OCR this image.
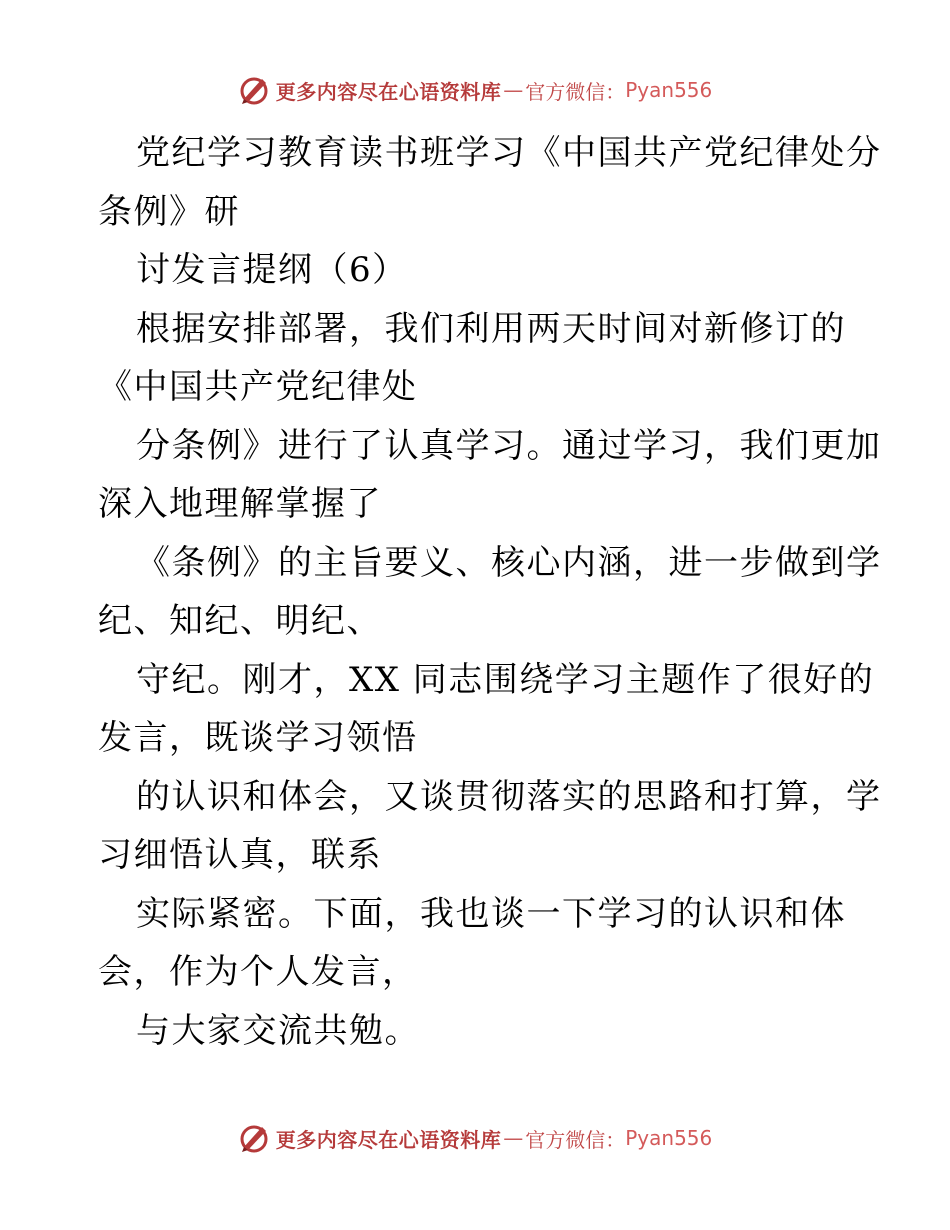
更多内容尽在心语资料库 — 官方微信： Pyan556
党纪学习教育读书班学习《中国共产党纪律处分
条例》研
讨发言提纲（6）
根据安排部署，我们利用两天时间对新修订的
《中国共产党纪律处
分条例》进行了认真学习。通过学习，我们更加
深入地理解掌握了
《条例》的主旨要义、核心内涵，进一步做到学
纪、知纪、明纪、
守纪。刚才，XX 同志围绕学习主题作了很好的
发言，既谈学习领悟
的认识和体会，又谈贯彻落实的思路和打算，学
习细悟认真，联系
实际紧密。下面，我也谈一下学习的认识和体
会，作为个人发言，
与大家交流共勉。
更多内容尽在心语资料库 — 官方微信： Pyan556
